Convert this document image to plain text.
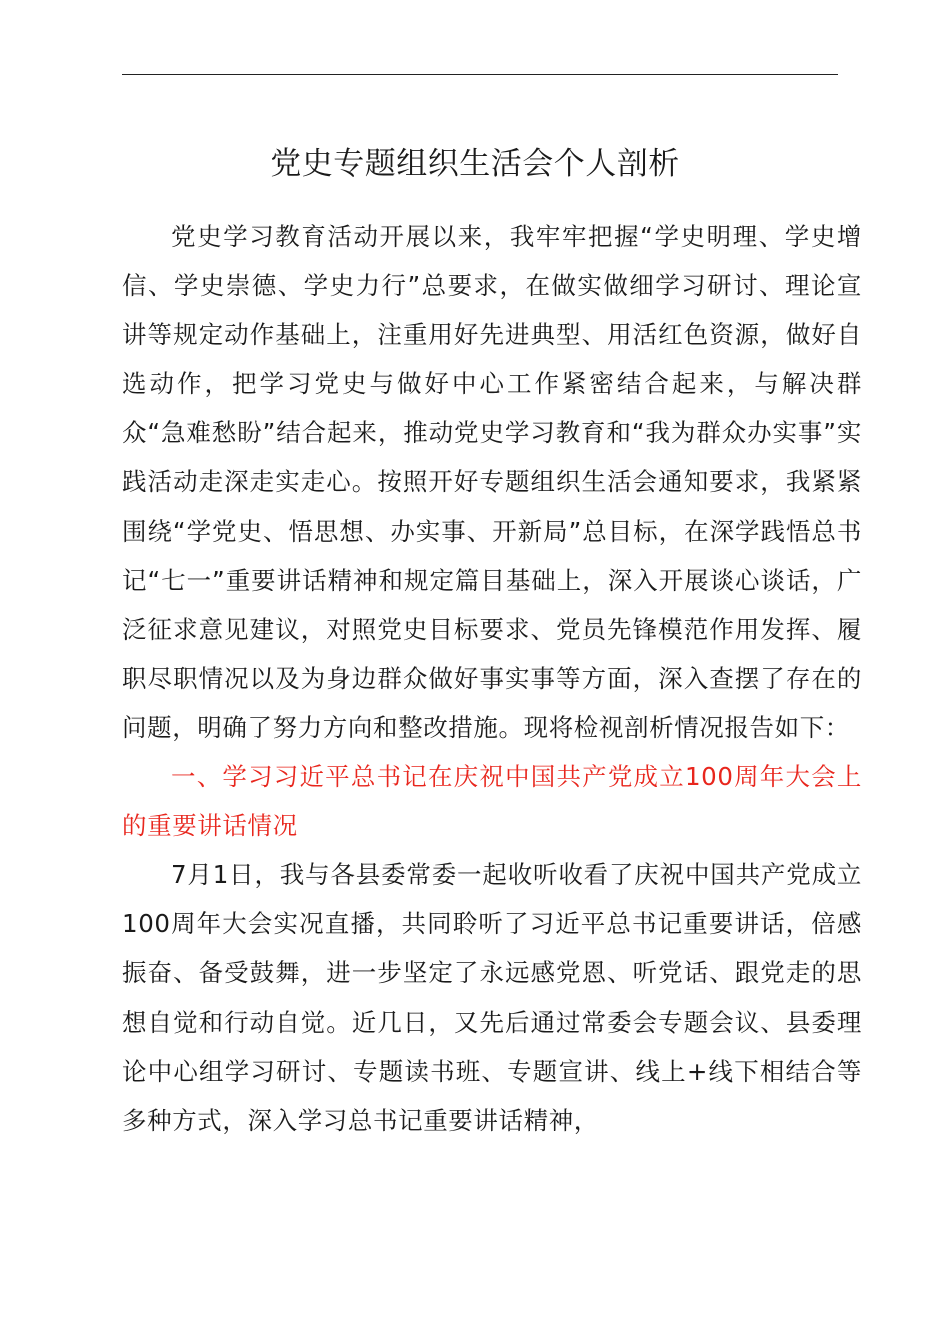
党史专题组织生活会个人剖析

党史学习教育活动开展以来，我牢牢把握“学史明理、学史增信、学史崇德、学史力行”总要求，在做实做细学习研讨、理论宣讲等规定动作基础上，注重用好先进典型、用活红色资源，做好自选动作，把学习党史与做好中心工作紧密结合起来，与解决群众“急难愁盼”结合起来，推动党史学习教育和“我为群众办实事”实践活动走深走实走心。按照开好专题组织生活会通知要求，我紧紧围绕“学党史、悟思想、办实事、开新局”总目标，在深学践悟总书记“七一”重要讲话精神和规定篇目基础上，深入开展谈心谈话，广泛征求意见建议，对照党史目标要求、党员先锋模范作用发挥、履职尽职情况以及为身边群众做好事实事等方面，深入查摆了存在的问题，明确了努力方向和整改措施。现将检视剖析情况报告如下：

一、学习习近平总书记在庆祝中国共产党成立100周年大会上的重要讲话情况

7月1日，我与各县委常委一起收听收看了庆祝中国共产党成立100周年大会实况直播，共同聆听了习近平总书记重要讲话，倍感振奋、备受鼓舞，进一步坚定了永远感党恩、听党话、跟党走的思想自觉和行动自觉。近几日，又先后通过常委会专题会议、县委理论中心组学习研讨、专题读书班、专题宣讲、线上+线下相结合等多种方式，深入学习总书记重要讲话精神，
